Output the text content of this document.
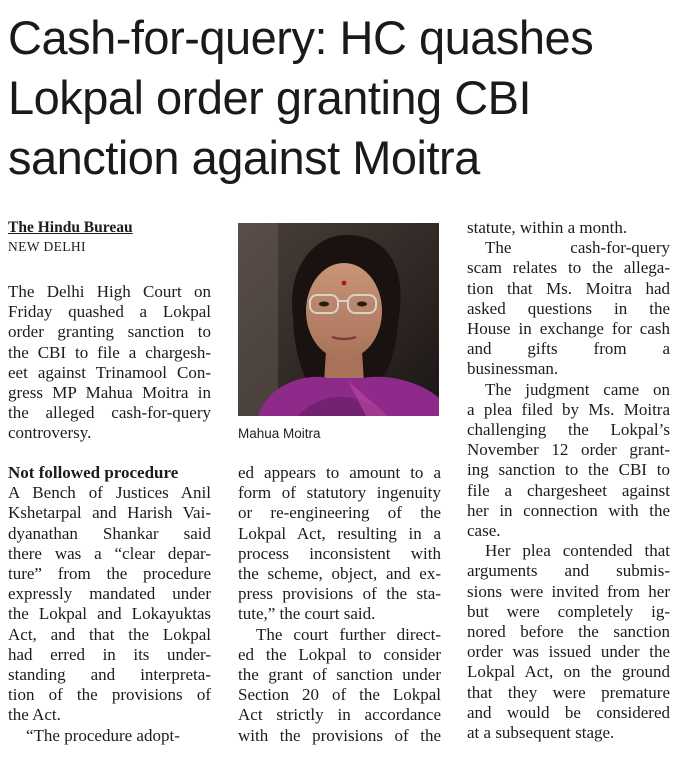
Cash-for-query: HC quashes
Lokpal order granting CBI
sanction against Moitra
The Hindu Bureau
NEW DELHI

The Delhi High Court on
Friday quashed a Lokpal
order granting sanction to
the CBI to file a chargesh-
eet against Trinamool Con-
gress MP Mahua Moitra in
the alleged cash-for-query
controversy.

Not followed procedure

A Bench of Justices Anil
Kshetarpal and Harish Vai-
dyanathan Shankar said
there was a “clear depar-
ture” from the procedure
expressly mandated under
the Lokpal and Lokayuktas
Act, and that the Lokpal
had erred in its under-
standing and interpreta-
tion of the provisions of
the Act.

“The procedure adopt-

Mahua Moitra

ed appears to amount to a
form of statutory ingenuity
or re-engineering of the
Lokpal Act, resulting in a
process inconsistent with
the scheme, object, and ex-
press provisions of the sta-
tute,” the court said.

The court further direct-
ed the Lokpal to consider
the grant of sanction under
Section 20 of the Lokpal
Act strictly in accordance
with the provisions of the

statute, within a month.

The cash-for-query
scam relates to the allega-
tion that Ms. Moitra had
asked questions in the
House in exchange for cash
and gifts from a
businessman.

The judgment came on
a plea filed by Ms. Moitra
challenging the Lokpal’s
November 12 order grant-
ing sanction to the CBI to
file a chargesheet against
her in connection with the
case.

Her plea contended that
arguments and submis-
sions were invited from her
but were completely ig-
nored before the sanction
order was issued under the
Lokpal Act, on the ground
that they were premature
and would be considered
at a subsequent stage.
